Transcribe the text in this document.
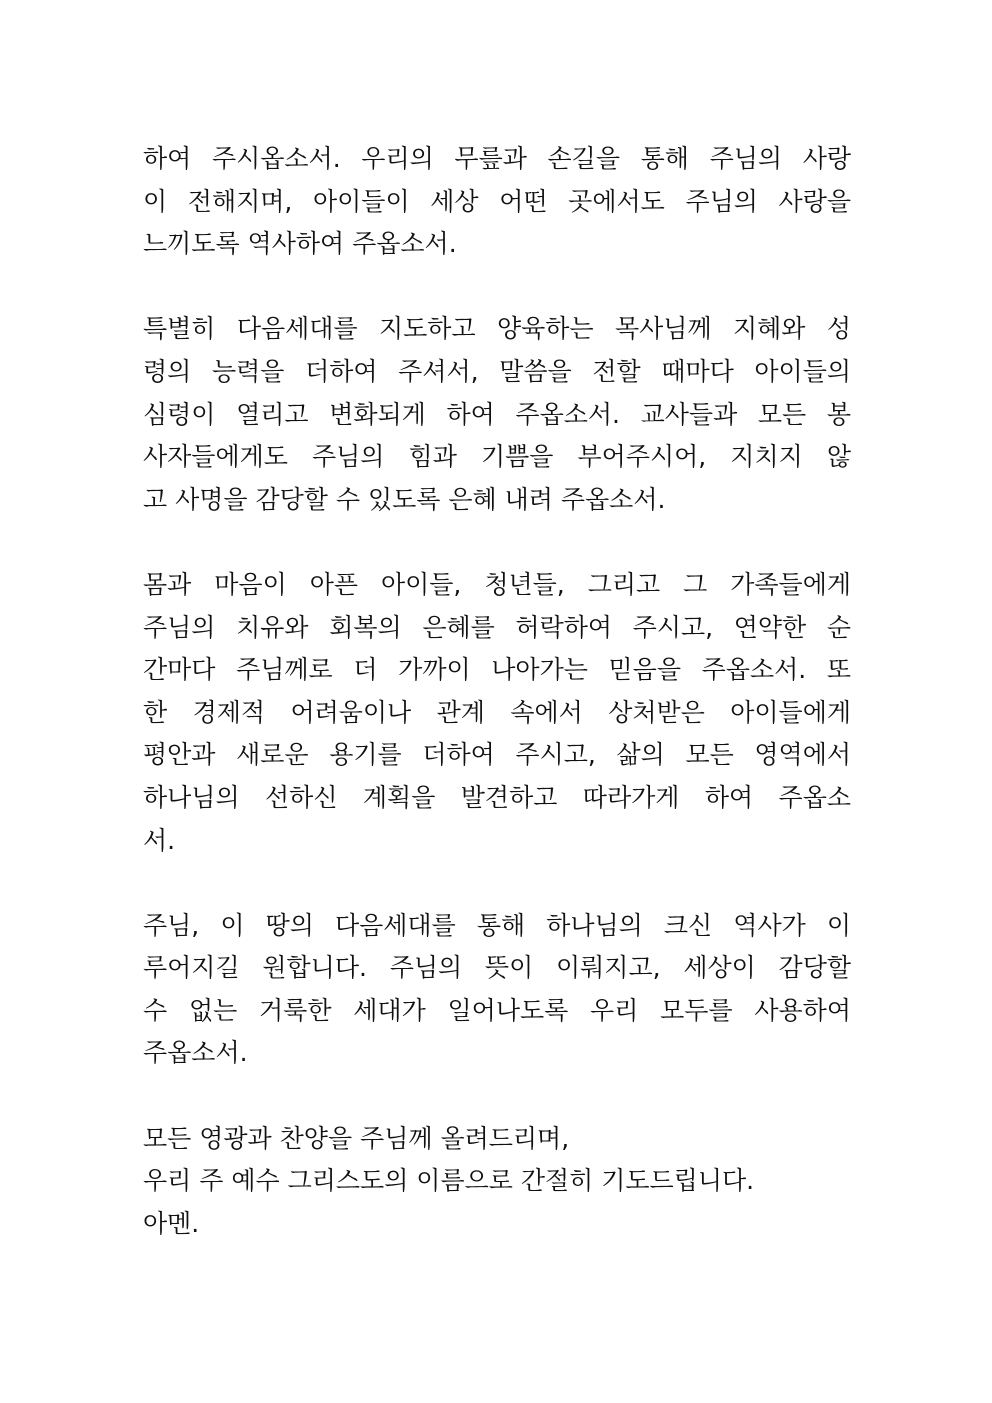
하여 주시옵소서. 우리의 무릎과 손길을 통해 주님의 사랑
이 전해지며, 아이들이 세상 어떤 곳에서도 주님의 사랑을
느끼도록 역사하여 주옵소서.
특별히 다음세대를 지도하고 양육하는 목사님께 지혜와 성
령의 능력을 더하여 주셔서, 말씀을 전할 때마다 아이들의
심령이 열리고 변화되게 하여 주옵소서. 교사들과 모든 봉
사자들에게도 주님의 힘과 기쁨을 부어주시어, 지치지 않
고 사명을 감당할 수 있도록 은혜 내려 주옵소서.
몸과 마음이 아픈 아이들, 청년들, 그리고 그 가족들에게
주님의 치유와 회복의 은혜를 허락하여 주시고, 연약한 순
간마다 주님께로 더 가까이 나아가는 믿음을 주옵소서. 또
한 경제적 어려움이나 관계 속에서 상처받은 아이들에게
평안과 새로운 용기를 더하여 주시고, 삶의 모든 영역에서
하나님의 선하신 계획을 발견하고 따라가게 하여 주옵소
서.
주님, 이 땅의 다음세대를 통해 하나님의 크신 역사가 이
루어지길 원합니다. 주님의 뜻이 이뤄지고, 세상이 감당할
수 없는 거룩한 세대가 일어나도록 우리 모두를 사용하여
주옵소서.
모든 영광과 찬양을 주님께 올려드리며,
우리 주 예수 그리스도의 이름으로 간절히 기도드립니다.
아멘.
